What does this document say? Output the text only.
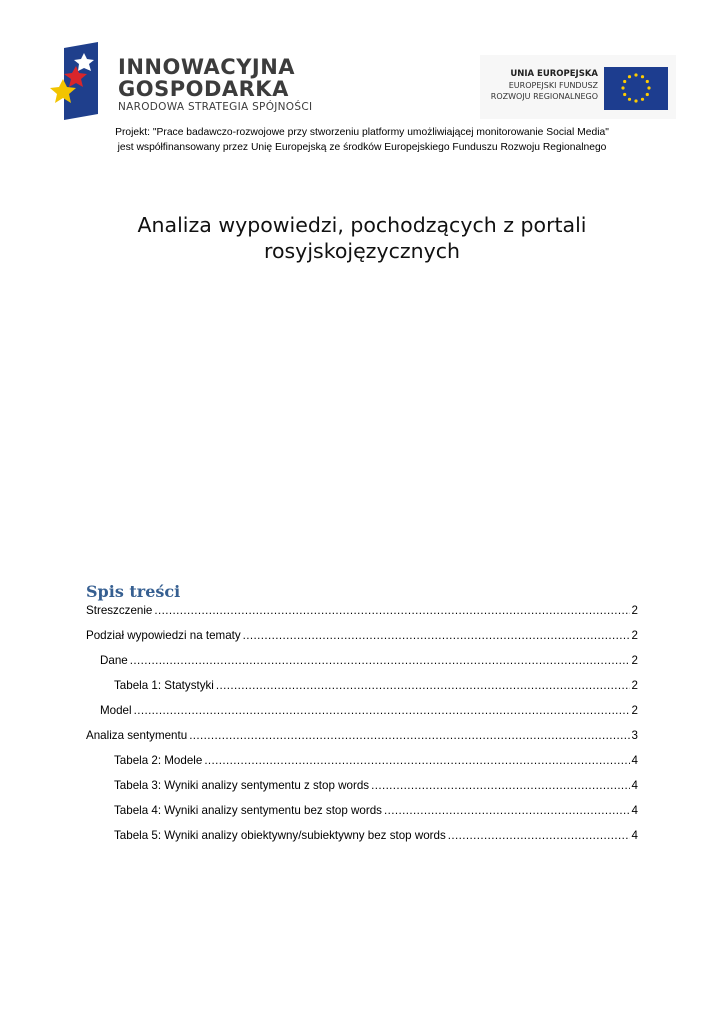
INNOWACYJNA
GOSPODARKA
NARODOWA STRATEGIA SPÓJNOŚCI
UNIA EUROPEJSKA
EUROPEJSKI FUNDUSZ
ROZWOJU REGIONALNEGO
Projekt: "Prace badawczo-rozwojowe przy stworzeniu platformy umożliwiającej monitorowanie Social Media"
jest współfinansowany przez Unię Europejską ze środków Europejskiego Funduszu Rozwoju Regionalnego
Analiza wypowiedzi, pochodzących z portali
rosyjskojęzycznych
Spis treści
Streszczenie .....	2
Podział wypowiedzi na tematy .....	2
Dane .....	2
Tabela 1: Statystyki .....	2
Model .....	2
Analiza sentymentu .....	3
Tabela 2: Modele .....	4
Tabela 3: Wyniki analizy sentymentu z stop words .....	4
Tabela 4: Wyniki analizy sentymentu bez stop words .....	4
Tabela 5: Wyniki analizy obiektywny/subiektywny bez stop words .....	4
